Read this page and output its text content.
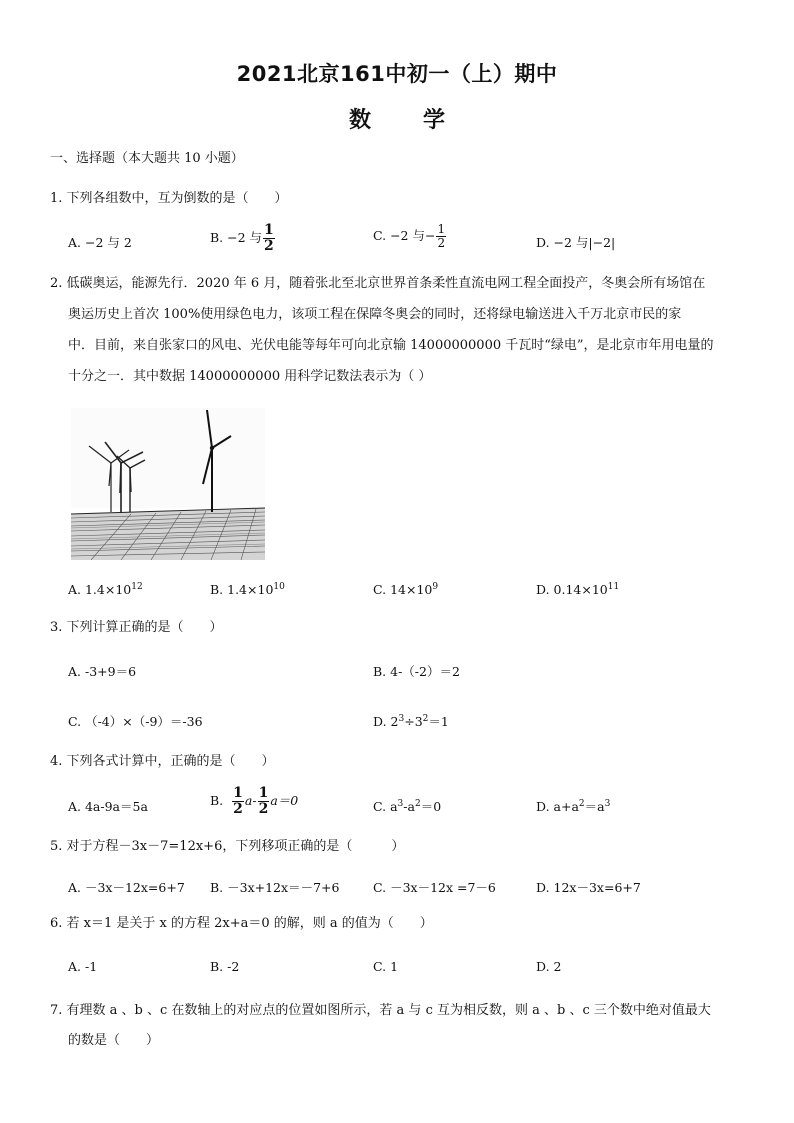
2021北京161中初一（上）期中
数 学
一、选择题（本大题共 10 小题）
1. 下列各组数中，互为倒数的是（　　）
A. −2 与 2	B. −2 与 $\frac{1}{2}$	C. −2 与− $\frac{1}{2}$	D. −2 与|−2|
2. 低碳奥运，能源先行．2020 年 6 月，随着张北至北京世界首条柔性直流电网工程全面投产，冬奥会所有场馆在
奥运历史上首次 100%使用绿色电力，该项工程在保障冬奥会的同时，还将绿电输送进入千万北京市民的家
中．目前，来自张家口的风电、光伏电能等每年可向北京输 14000000000 千瓦时“绿电”，是北京市年用电量的
十分之一．其中数据 14000000000 用科学记数法表示为（ ）
A. $1.4\times 10^{12}$	B. $1.4\times 10^{10}$	C. $14\times 10^9$	D. $0.14\times 10^{11}$
3. 下列计算正确的是（　　）
A. -3+9＝6	B. 4-（-2）＝2
C. （-4）×（-9）＝-36	D. $2^3\div 3^2=1$
4. 下列各式计算中，正确的是（　　）
A. 4a-9a＝5a	B. $\frac{1}{2} a- \frac{1}{2} a=0$	C. $a^3-a^2=0$	D. $a+a^2=a^3$
5. 对于方程－3x－7=12x+6，下列移项正确的是（　　　）
A. －3x－12x=6+7 B. －3x+12x＝－7+6	C. －3x－12x =7－6	D. 12x－3x=6+7
6. 若 x＝1 是关于 x 的方程 2x+a＝0 的解，则 a 的值为（　　）
A. -1	B. -2	C. 1	D. 2
7. 有理数 a 、b 、c 在数轴上的对应点的位置如图所示，若 a 与 c 互为相反数，则 a 、b 、c 三个数中绝对值最大
的数是（　　）
